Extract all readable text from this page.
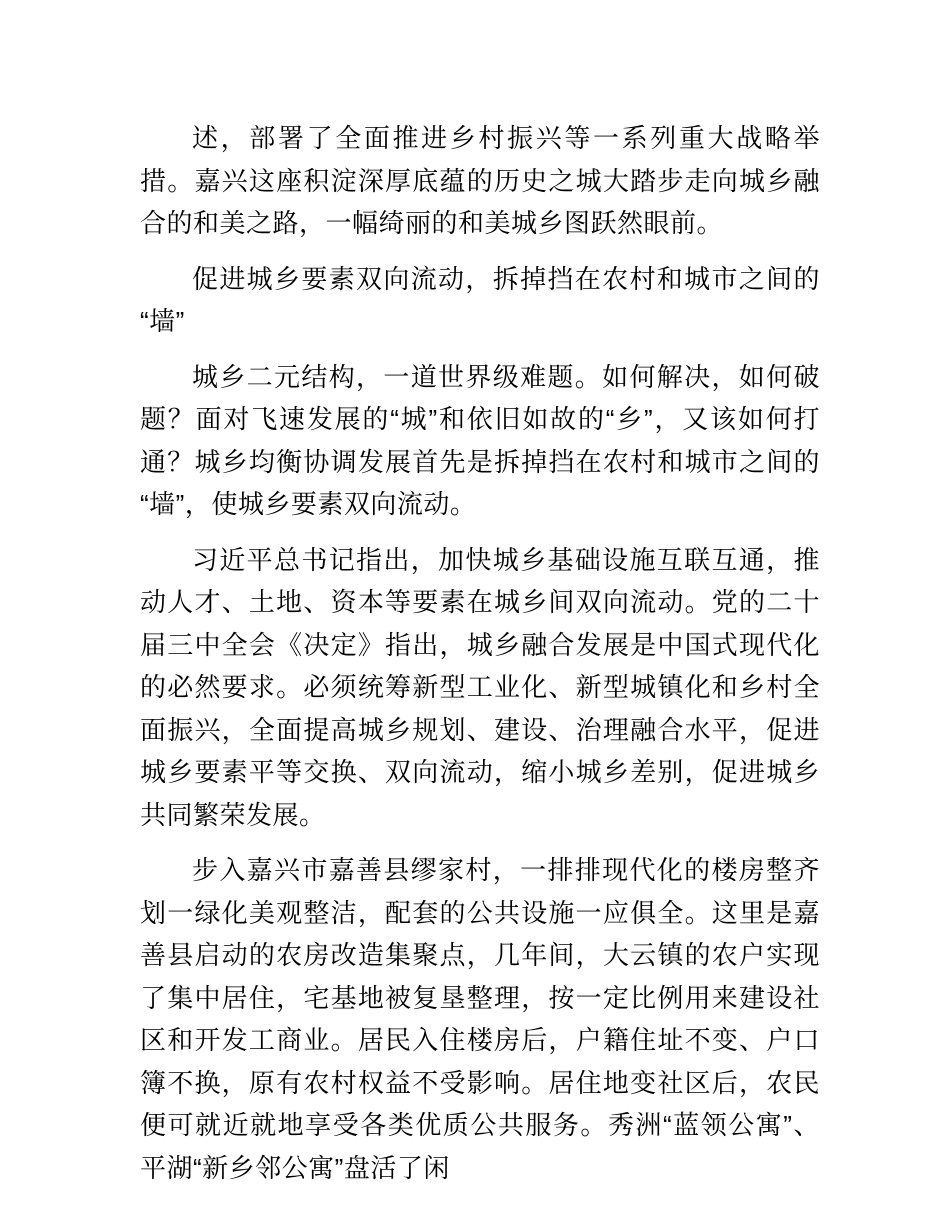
述，部署了全面推进乡村振兴等一系列重大战略举措。嘉兴这座积淀深厚底蕴的历史之城大踏步走向城乡融合的和美之路，一幅绮丽的和美城乡图跃然眼前。

促进城乡要素双向流动，拆掉挡在农村和城市之间的“墙”

城乡二元结构，一道世界级难题。如何解决，如何破题？面对飞速发展的“城”和依旧如故的“乡”，又该如何打通？城乡均衡协调发展首先是拆掉挡在农村和城市之间的“墙”，使城乡要素双向流动。

习近平总书记指出，加快城乡基础设施互联互通，推动人才、土地、资本等要素在城乡间双向流动。党的二十届三中全会《决定》指出，城乡融合发展是中国式现代化的必然要求。必须统筹新型工业化、新型城镇化和乡村全面振兴，全面提高城乡规划、建设、治理融合水平，促进城乡要素平等交换、双向流动，缩小城乡差别，促进城乡共同繁荣发展。

步入嘉兴市嘉善县缪家村，一排排现代化的楼房整齐划一绿化美观整洁，配套的公共设施一应俱全。这里是嘉善县启动的农房改造集聚点，几年间，大云镇的农户实现了集中居住，宅基地被复垦整理，按一定比例用来建设社区和开发工商业。居民入住楼房后，户籍住址不变、户口簿不换，原有农村权益不受影响。居住地变社区后，农民便可就近就地享受各类优质公共服务。秀洲“蓝领公寓”、平湖“新乡邻公寓”盘活了闲
